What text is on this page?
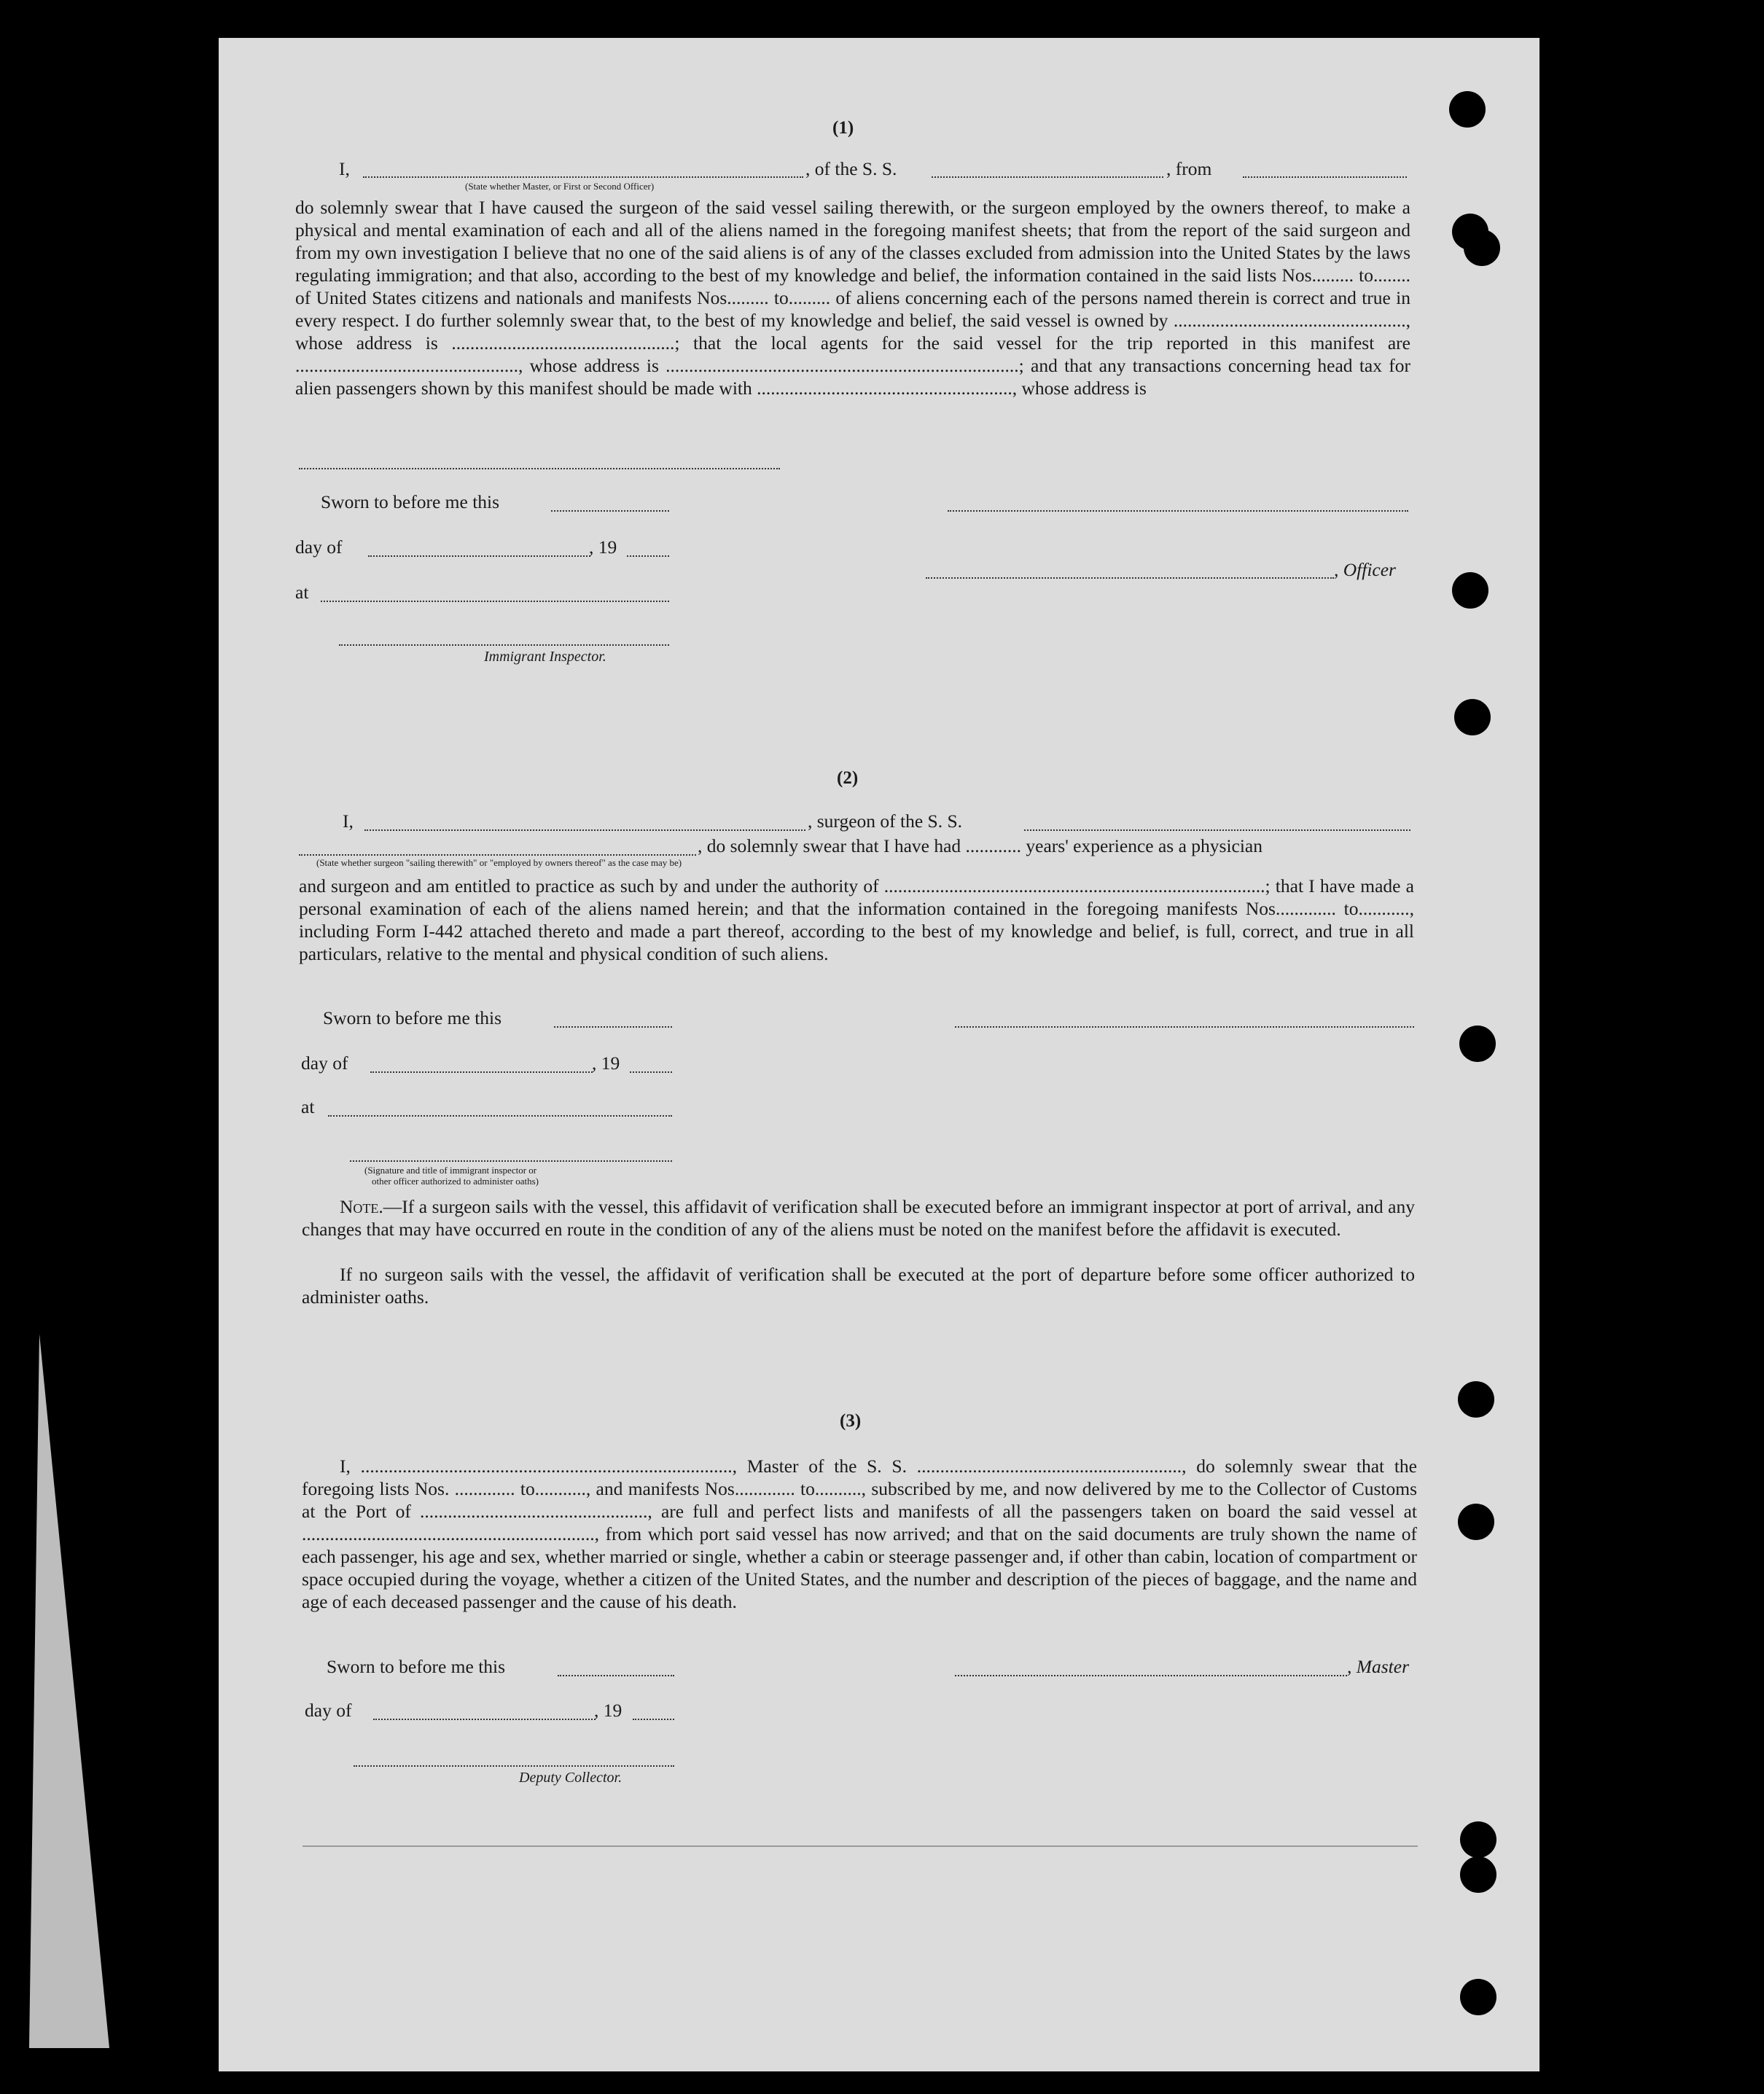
(1)
I,	, of the S. S.	, from
(State whether Master, or First or Second Officer)
do solemnly swear that I have caused the surgeon of the said vessel sailing therewith, or the surgeon employed by the owners thereof, to make a physical and mental examination of each and all of the aliens named in the foregoing manifest sheets; that from the report of the said surgeon and from my own investigation I believe that no one of the said aliens is of any of the classes excluded from admission into the United States by the laws regulating immigration; and that also, according to the best of my knowledge and belief, the information contained in the said lists Nos......... to........ of United States citizens and nationals and manifests Nos......... to......... of aliens concerning each of the persons named therein is correct and true in every respect. I do further solemnly swear that, to the best of my knowledge and belief, the said vessel is owned by .................................................., whose address is ................................................; that the local agents for the said vessel for the trip reported in this manifest are ................................................, whose address is ............................................................................; and that any transactions concerning head tax for alien passengers shown by this manifest should be made with ......................................................., whose address is
Sworn to before me this
day of	, 19
at
, Officer
Immigrant Inspector.
(2)
I,	, surgeon of the S. S.
, do solemnly swear that I have had ............ years' experience as a physician
(State whether surgeon "sailing therewith" or "employed by owners thereof" as the case may be)
and surgeon and am entitled to practice as such by and under the authority of ..................................................................................; that I have made a personal examination of each of the aliens named herein; and that the information contained in the foregoing manifests Nos............. to..........., including Form I-442 attached thereto and made a part thereof, according to the best of my knowledge and belief, is full, correct, and true in all particulars, relative to the mental and physical condition of such aliens.
Sworn to before me this
day of	, 19
at
(Signature and title of immigrant inspector or
other officer authorized to administer oaths)
Note.—If a surgeon sails with the vessel, this affidavit of verification shall be executed before an immigrant inspector at port of arrival, and any changes that may have occurred en route in the condition of any of the aliens must be noted on the manifest before the affidavit is executed.
If no surgeon sails with the vessel, the affidavit of verification shall be executed at the port of departure before some officer authorized to administer oaths.
(3)
I, ................................................................................, Master of the S. S. ........................................................., do solemnly swear that the foregoing lists Nos. ............. to..........., and manifests Nos............. to.........., subscribed by me, and now delivered by me to the Collector of Customs at the Port of ................................................., are full and perfect lists and manifests of all the passengers taken on board the said vessel at ..............................................................., from which port said vessel has now arrived; and that on the said documents are truly shown the name of each passenger, his age and sex, whether married or single, whether a cabin or steerage passenger and, if other than cabin, location of compartment or space occupied during the voyage, whether a citizen of the United States, and the number and description of the pieces of baggage, and the name and age of each deceased passenger and the cause of his death.
Sworn to before me this	, Master
day of	, 19
Deputy Collector.
